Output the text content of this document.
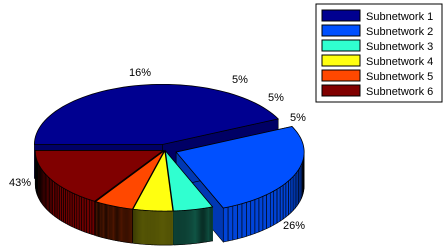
43%
26%
5%
5%
5%
16%
Subnetwork 1
Subnetwork 2
Subnetwork 3
Subnetwork 4
Subnetwork 5
Subnetwork 6
